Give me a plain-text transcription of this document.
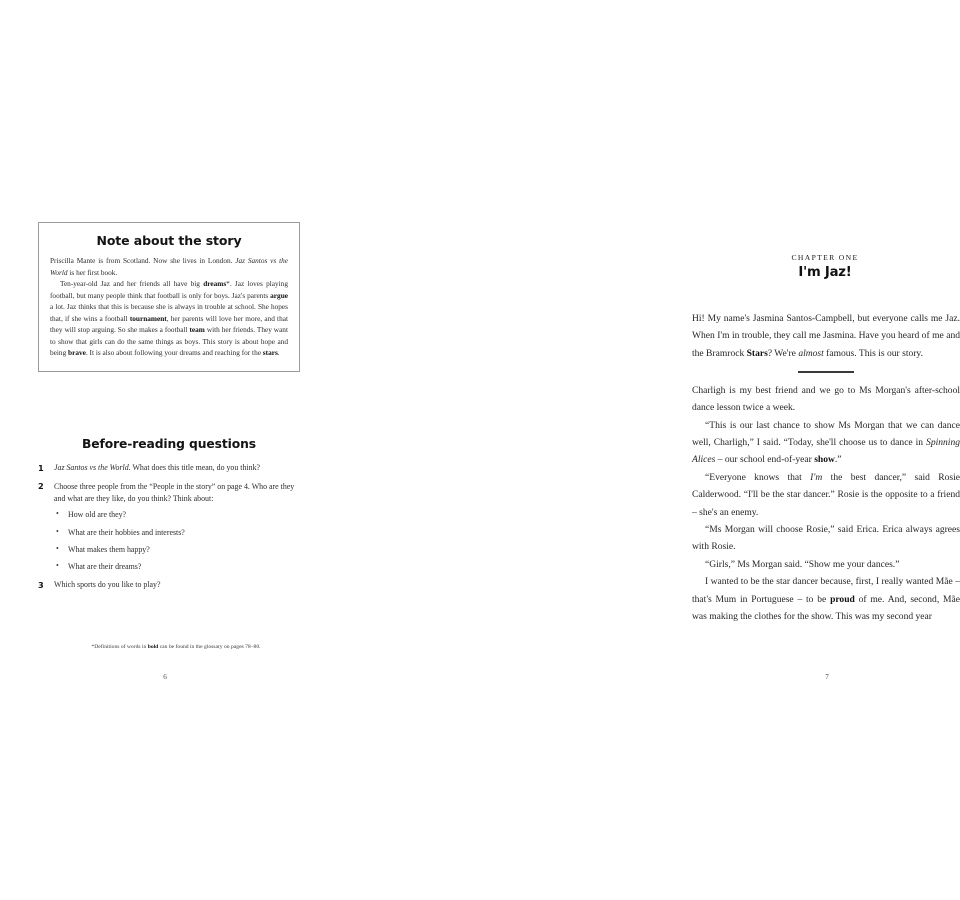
Note about the story

Priscilla Mante is from Scotland. Now she lives in London. Jaz Santos vs the World is her first book.

Ten-year-old Jaz and her friends all have big dreams*. Jaz loves playing football, but many people think that football is only for boys. Jaz's parents argue a lot. Jaz thinks that this is because she is always in trouble at school. She hopes that, if she wins a football tournament, her parents will love her more, and that they will stop arguing. So she makes a football team with her friends. They want to show that girls can do the same things as boys. This story is about hope and being brave. It is also about following your dreams and reaching for the stars.

Before-reading questions
1 Jaz Santos vs the World. What does this title mean, do you think?
2 Choose three people from the “People in the story” on page 4. Who are they and what are they like, do you think? Think about:
• How old are they?
• What are their hobbies and interests?
• What makes them happy?
• What are their dreams?
3 Which sports do you like to play?
*Definitions of words in bold can be found in the glossary on pages 78–80.
6
CHAPTER ONE
I'm Jaz!

Hi! My name's Jasmina Santos-Campbell, but everyone calls me Jaz. When I'm in trouble, they call me Jasmina. Have you heard of me and the Bramrock Stars? We're almost famous. This is our story.

Charligh is my best friend and we go to Ms Morgan's after-school dance lesson twice a week.

“This is our last chance to show Ms Morgan that we can dance well, Charligh,” I said. “Today, she'll choose us to dance in Spinning Alices – our school end-of-year show.”

“Everyone knows that I'm the best dancer,” said Rosie Calderwood. “I'll be the star dancer.” Rosie is the opposite to a friend – she's an enemy.

“Ms Morgan will choose Rosie,” said Erica. Erica always agrees with Rosie.

“Girls,” Ms Morgan said. “Show me your dances.”

I wanted to be the star dancer because, first, I really wanted Mãe – that's Mum in Portuguese – to be proud of me. And, second, Mãe was making the clothes for the show. This was my second year

7
